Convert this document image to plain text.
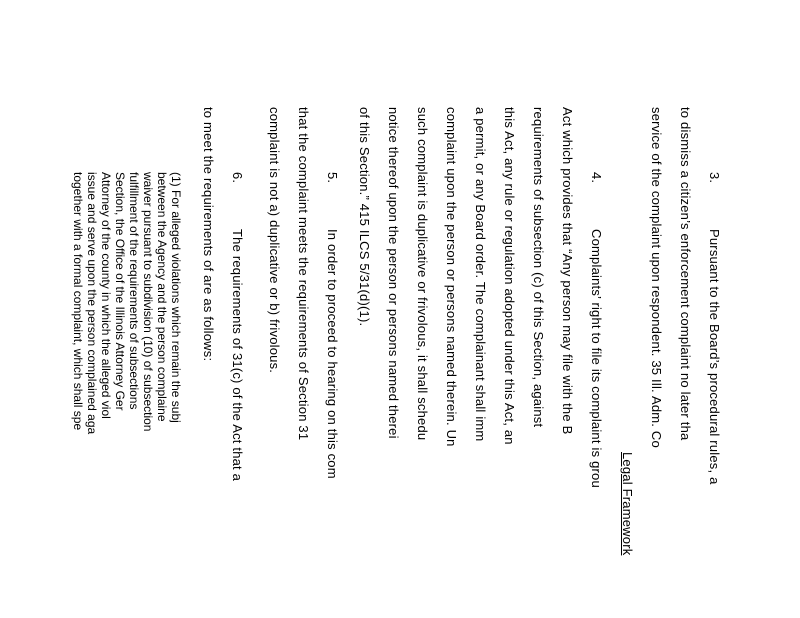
3.
Pursuant to the Board’s procedural rules, a
to dismiss a citizen’s enforcement complaint no later tha
service of the complaint upon respondent. 35 Ill. Adm. Co
Legal Framework
4.
Complaints’ right to file its complaint is grou
Act which provides that “Any person may file with the B
requirements of subsection (c) of this Section, against
this Act, any rule or regulation adopted under this Act, an
a permit, or any Board order. The complainant shall imm
complaint upon the person or persons named therein. Un
such complaint is duplicative or frivolous, it shall schedu
notice thereof upon the person or persons named therei
of this Section.” 415 ILCS 5/31(d)(1).
5.
In order to proceed to hearing on this com
that the complaint meets the requirements of Section 31
complaint is not a) duplicative or b) frivolous.
6.
The requirements of 31(c) of the Act that a
to meet the requirements of are as follows:
(1) For alleged violations which remain the subj
between the Agency and the person complaine
waiver pursuant to subdivision (10) of subsection
fulfillment of the requirements of subsections
Section, the Office of the Illinois Attorney Ger
Attorney of the county in which the alleged viol
issue and serve upon the person complained aga
together with a formal complaint, which shall spe
